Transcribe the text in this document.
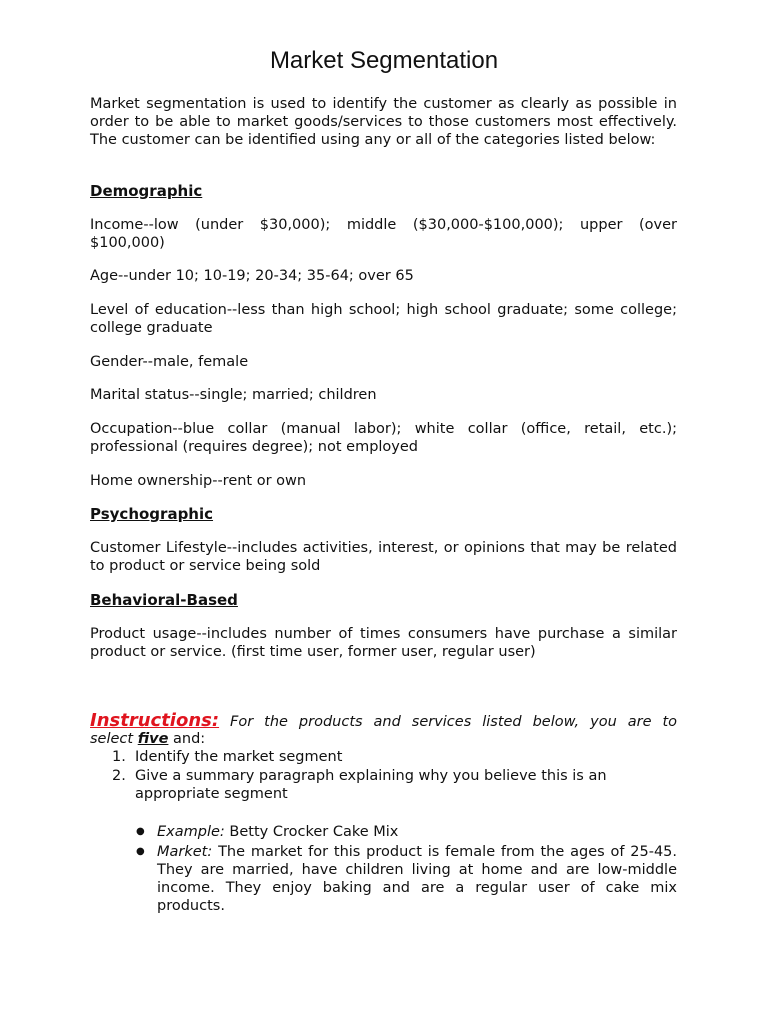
Market Segmentation
Market segmentation is used to identify the customer as clearly as possible in order to be able to market goods/services to those customers most effectively. The customer can be identified using any or all of the categories listed below:
Demographic
Income--low (under $30,000); middle ($30,000-$100,000); upper (over $100,000)
Age--under 10; 10-19; 20-34; 35-64; over 65
Level of education--less than high school; high school graduate; some college; college graduate
Gender--male, female
Marital status--single; married; children
Occupation--blue collar (manual labor); white collar (office, retail, etc.); professional (requires degree); not employed
Home ownership--rent or own
Psychographic
Customer Lifestyle--includes activities, interest, or opinions that may be related to product or service being sold
Behavioral-Based
Product usage--includes number of times consumers have purchase a similar product or service. (first time user, former user, regular user)
Instructions: For the products and services listed below, you are to
select five and:
1. Identify the market segment
2. Give a summary paragraph explaining why you believe this is an appropriate segment
● Example: Betty Crocker Cake Mix
● Market: The market for this product is female from the ages of 25-45. They are married, have children living at home and are low-middle income. They enjoy baking and are a regular user of cake mix products.
